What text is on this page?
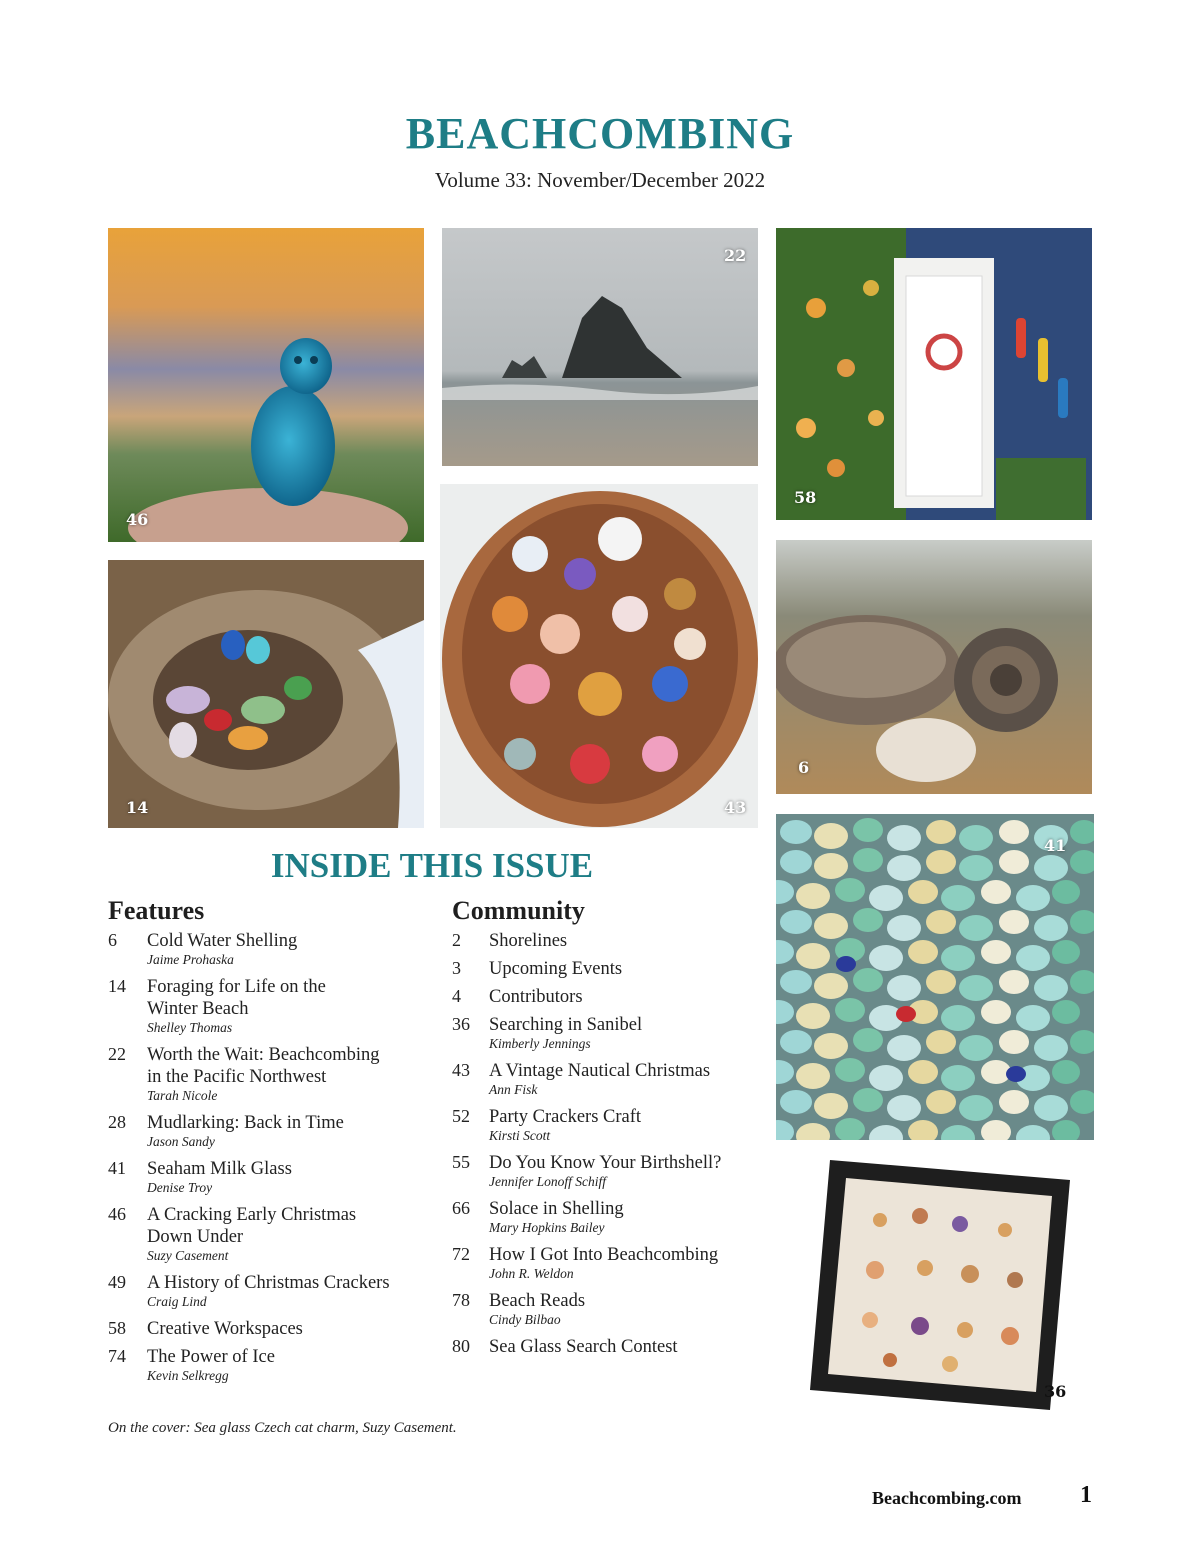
BEACHCOMBING
Volume 33: November/December 2022
46
22
58
14	43
6
41
36
INSIDE THIS ISSUE
Features	Community
6 Cold Water Shelling
Jaime Prohaska
14 Foraging for Life on the
Winter Beach
Shelley Thomas
22 Worth the Wait: Beachcombing
in the Pacific Northwest
Tarah Nicole
28 Mudlarking: Back in Time
Jason Sandy
41 Seaham Milk Glass
Denise Troy
46 A Cracking Early Christmas
Down Under
Suzy Casement
49 A History of Christmas Crackers
Craig Lind
58 Creative Workspaces
74 The Power of Ice
Kevin Selkregg
2 Shorelines
3 Upcoming Events
4 Contributors
36 Searching in Sanibel
Kimberly Jennings
43 A Vintage Nautical Christmas
Ann Fisk
52 Party Crackers Craft
Kirsti Scott
55 Do You Know Your Birthshell?
Jennifer Lonoff Schiff
66 Solace in Shelling
Mary Hopkins Bailey
72 How I Got Into Beachcombing
John R. Weldon
78 Beach Reads
Cindy Bilbao
80 Sea Glass Search Contest
On the cover: Sea glass Czech cat charm, Suzy Casement.
Beachcombing.com 1
